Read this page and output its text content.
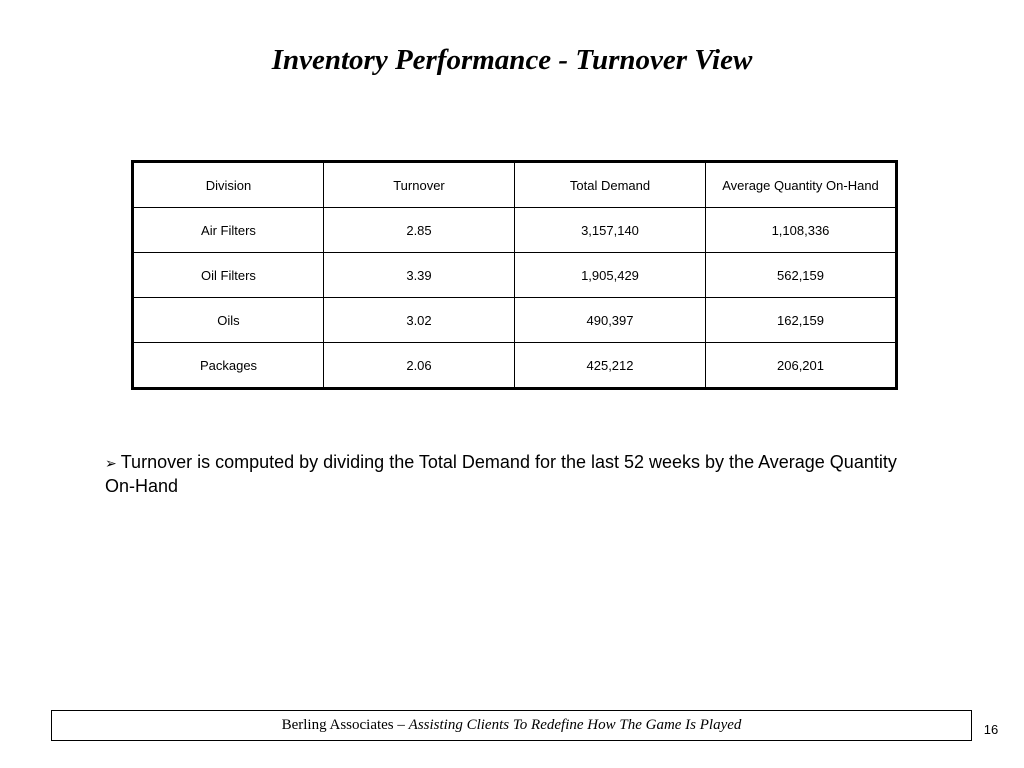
Inventory Performance - Turnover View
Division	Turnover	Total Demand	Average Quantity On-Hand
Air Filters	2.85	3,157,140	1,108,336
Oil Filters	3.39	1,905,429	562,159
Oils	3.02	490,397	162,159
Packages	2.06	425,212	206,201
➢ Turnover is computed by dividing the Total Demand for the last 52 weeks by the Average Quantity On-Hand
Berling Associates – Assisting Clients To Redefine How The Game Is Played	16
